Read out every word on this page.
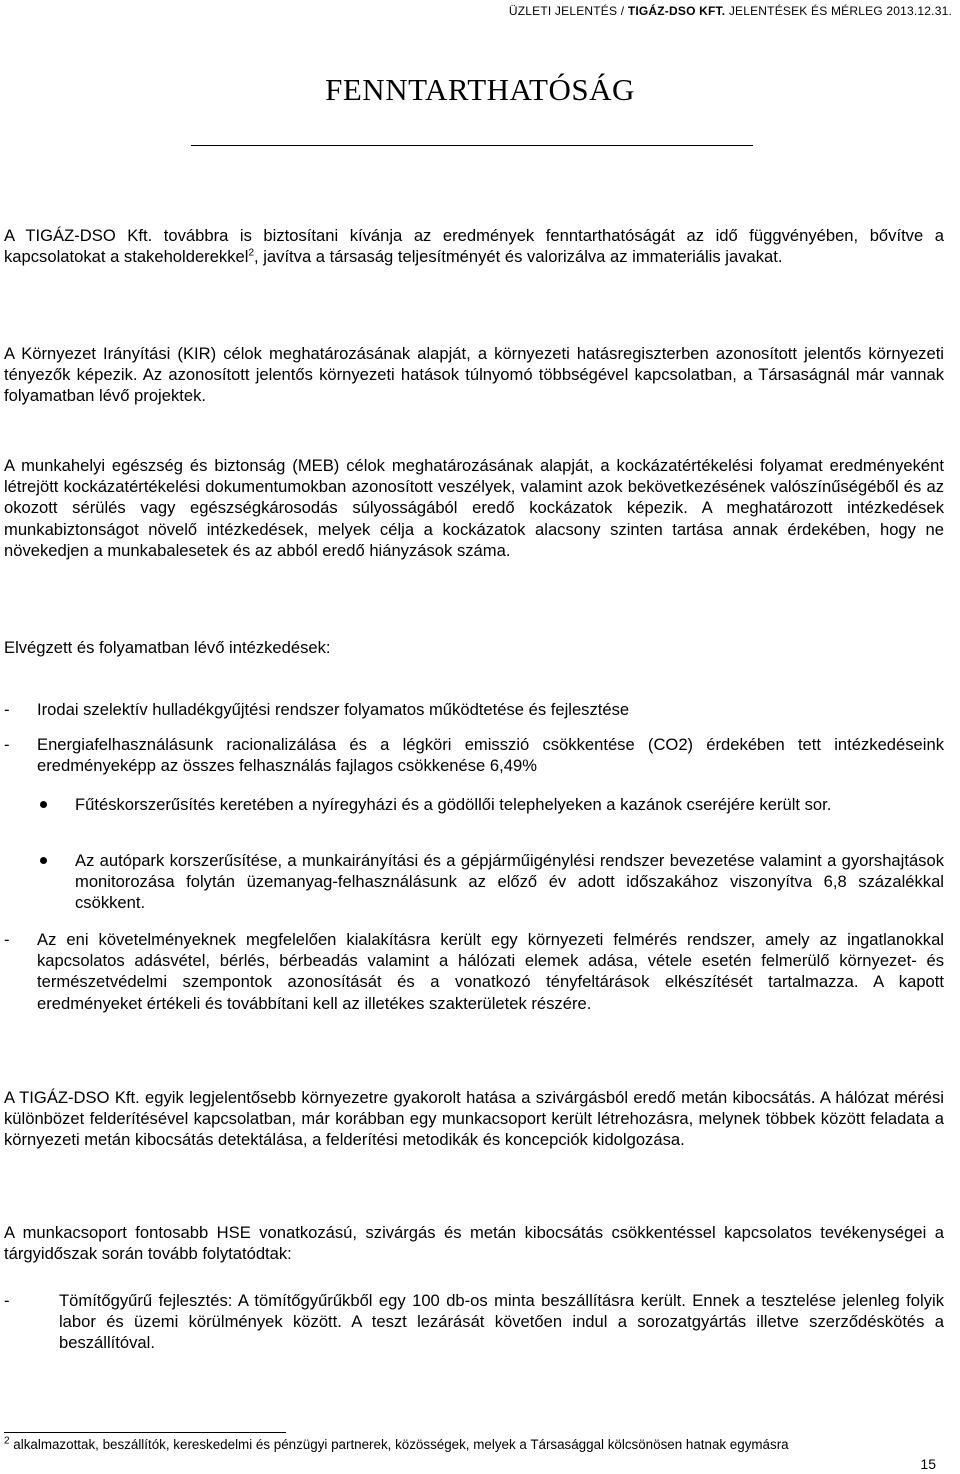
ÜZLETI JELENTÉS / TIGÁZ-DSO KFT. JELENTÉSEK ÉS MÉRLEG 2013.12.31.
FENNTARTHATÓSÁG

A TIGÁZ-DSO Kft. továbbra is biztosítani kívánja az eredmények fenntarthatóságát az idő függvényében, bővítve a kapcsolatokat a stakeholderekkel$^2$, javítva a társaság teljesítményét és valorizálva az immateriális javakat.

A Környezet Irányítási (KIR) célok meghatározásának alapját, a környezeti hatásregiszterben azonosított jelentős környezeti tényezők képezik. Az azonosított jelentős környezeti hatások túlnyomó többségével kapcsolatban, a Társaságnál már vannak folyamatban lévő projektek.

A munkahelyi egészség és biztonság (MEB) célok meghatározásának alapját, a kockázatértékelési folyamat eredményeként létrejött kockázatértékelési dokumentumokban azonosított veszélyek, valamint azok bekövetkezésének valószínűségéből és az okozott sérülés vagy egészségkárosodás súlyosságából eredő kockázatok képezik. A meghatározott intézkedések munkabiztonságot növelő intézkedések, melyek célja a kockázatok alacsony szinten tartása annak érdekében, hogy ne növekedjen a munkabalesetek és az abból eredő hiányzások száma.

Elvégzett és folyamatban lévő intézkedések:

- Irodai szelektív hulladékgyűjtési rendszer folyamatos működtetése és fejlesztése
- Energiafelhasználásunk racionalizálása és a légköri emisszió csökkentése (CO2) érdekében tett intézkedéseink eredményeképp az összes felhasználás fajlagos csökkenése 6,49%
Fűtéskorszerűsítés keretében a nyíregyházi és a gödöllői telephelyeken a kazánok cseréjére került sor.
Az autópark korszerűsítése, a munkairányítási és a gépjárműigénylési rendszer bevezetése valamint a gyorshajtások monitorozása folytán üzemanyag-felhasználásunk az előző év adott időszakához viszonyítva 6,8 százalékkal csökkent.
- Az eni követelményeknek megfelelően kialakításra került egy környezeti felmérés rendszer, amely az ingatlanokkal kapcsolatos adásvétel, bérlés, bérbeadás valamint a hálózati elemek adása, vétele esetén felmerülő környezet- és természetvédelmi szempontok azonosítását és a vonatkozó tényfeltárások elkészítését tartalmazza. A kapott eredményeket értékeli és továbbítani kell az illetékes szakterületek részére.

A TIGÁZ-DSO Kft. egyik legjelentősebb környezetre gyakorolt hatása a szivárgásból eredő metán kibocsátás. A hálózat mérési különbözet felderítésével kapcsolatban, már korábban egy munkacsoport került létrehozásra, melynek többek között feladata a környezeti metán kibocsátás detektálása, a felderítési metodikák és koncepciók kidolgozása.

A munkacsoport fontosabb HSE vonatkozású, szivárgás és metán kibocsátás csökkentéssel kapcsolatos tevékenységei a tárgyidőszak során tovább folytatódtak:

-	Tömítőgyűrű fejlesztés: A tömítőgyűrűkből egy 100 db-os minta beszállításra került. Ennek a tesztelése jelenleg folyik labor és üzemi körülmények között. A teszt lezárását követően indul a sorozatgyártás illetve szerződéskötés a beszállítóval.
$^2$ alkalmazottak, beszállítók, kereskedelmi és pénzügyi partnerek, közösségek, melyek a Társasággal kölcsönösen hatnak egymásra
15
